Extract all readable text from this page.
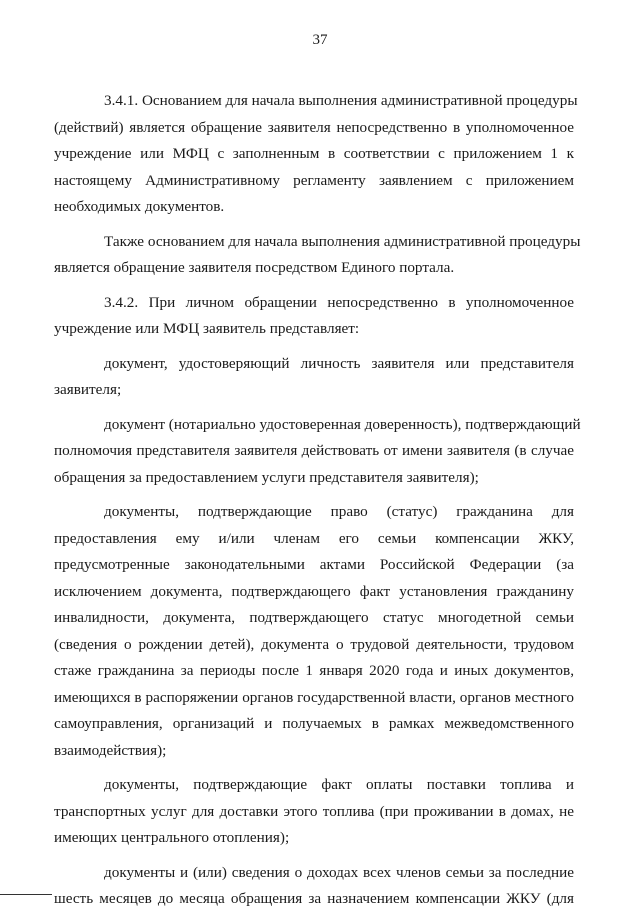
37
3.4.1. Основанием для начала выполнения административной процедуры
(действий) является обращение заявителя непосредственно в уполномоченное
учреждение или МФЦ с заполненным в соответствии с приложением 1 к
настоящему Административному регламенту заявлением с приложением
необходимых документов.
Также основанием для начала выполнения административной процедуры
является обращение заявителя посредством Единого портала.
3.4.2. При личном обращении непосредственно в уполномоченное
учреждение или МФЦ заявитель представляет:
документ, удостоверяющий личность заявителя или представителя
заявителя;
документ (нотариально удостоверенная доверенность), подтверждающий
полномочия представителя заявителя действовать от имени заявителя (в случае
обращения за предоставлением услуги представителя заявителя);
документы, подтверждающие право (статус) гражданина для
предоставления ему и/или членам его семьи компенсации ЖКУ,
предусмотренные законодательными актами Российской Федерации (за
исключением документа, подтверждающего факт установления гражданину
инвалидности, документа, подтверждающего статус многодетной семьи
(сведения о рождении детей), документа о трудовой деятельности, трудовом
стаже гражданина за периоды после 1 января 2020 года и иных документов,
имеющихся в распоряжении органов государственной власти, органов местного
самоуправления, организаций и получаемых в рамках межведомственного
взаимодействия);
документы, подтверждающие факт оплаты поставки топлива и
транспортных услуг для доставки этого топлива (при проживании в домах, не
имеющих центрального отопления);
документы и (или) сведения о доходах всех членов семьи за последние
шесть месяцев до месяца обращения за назначением компенсации ЖКУ (для
